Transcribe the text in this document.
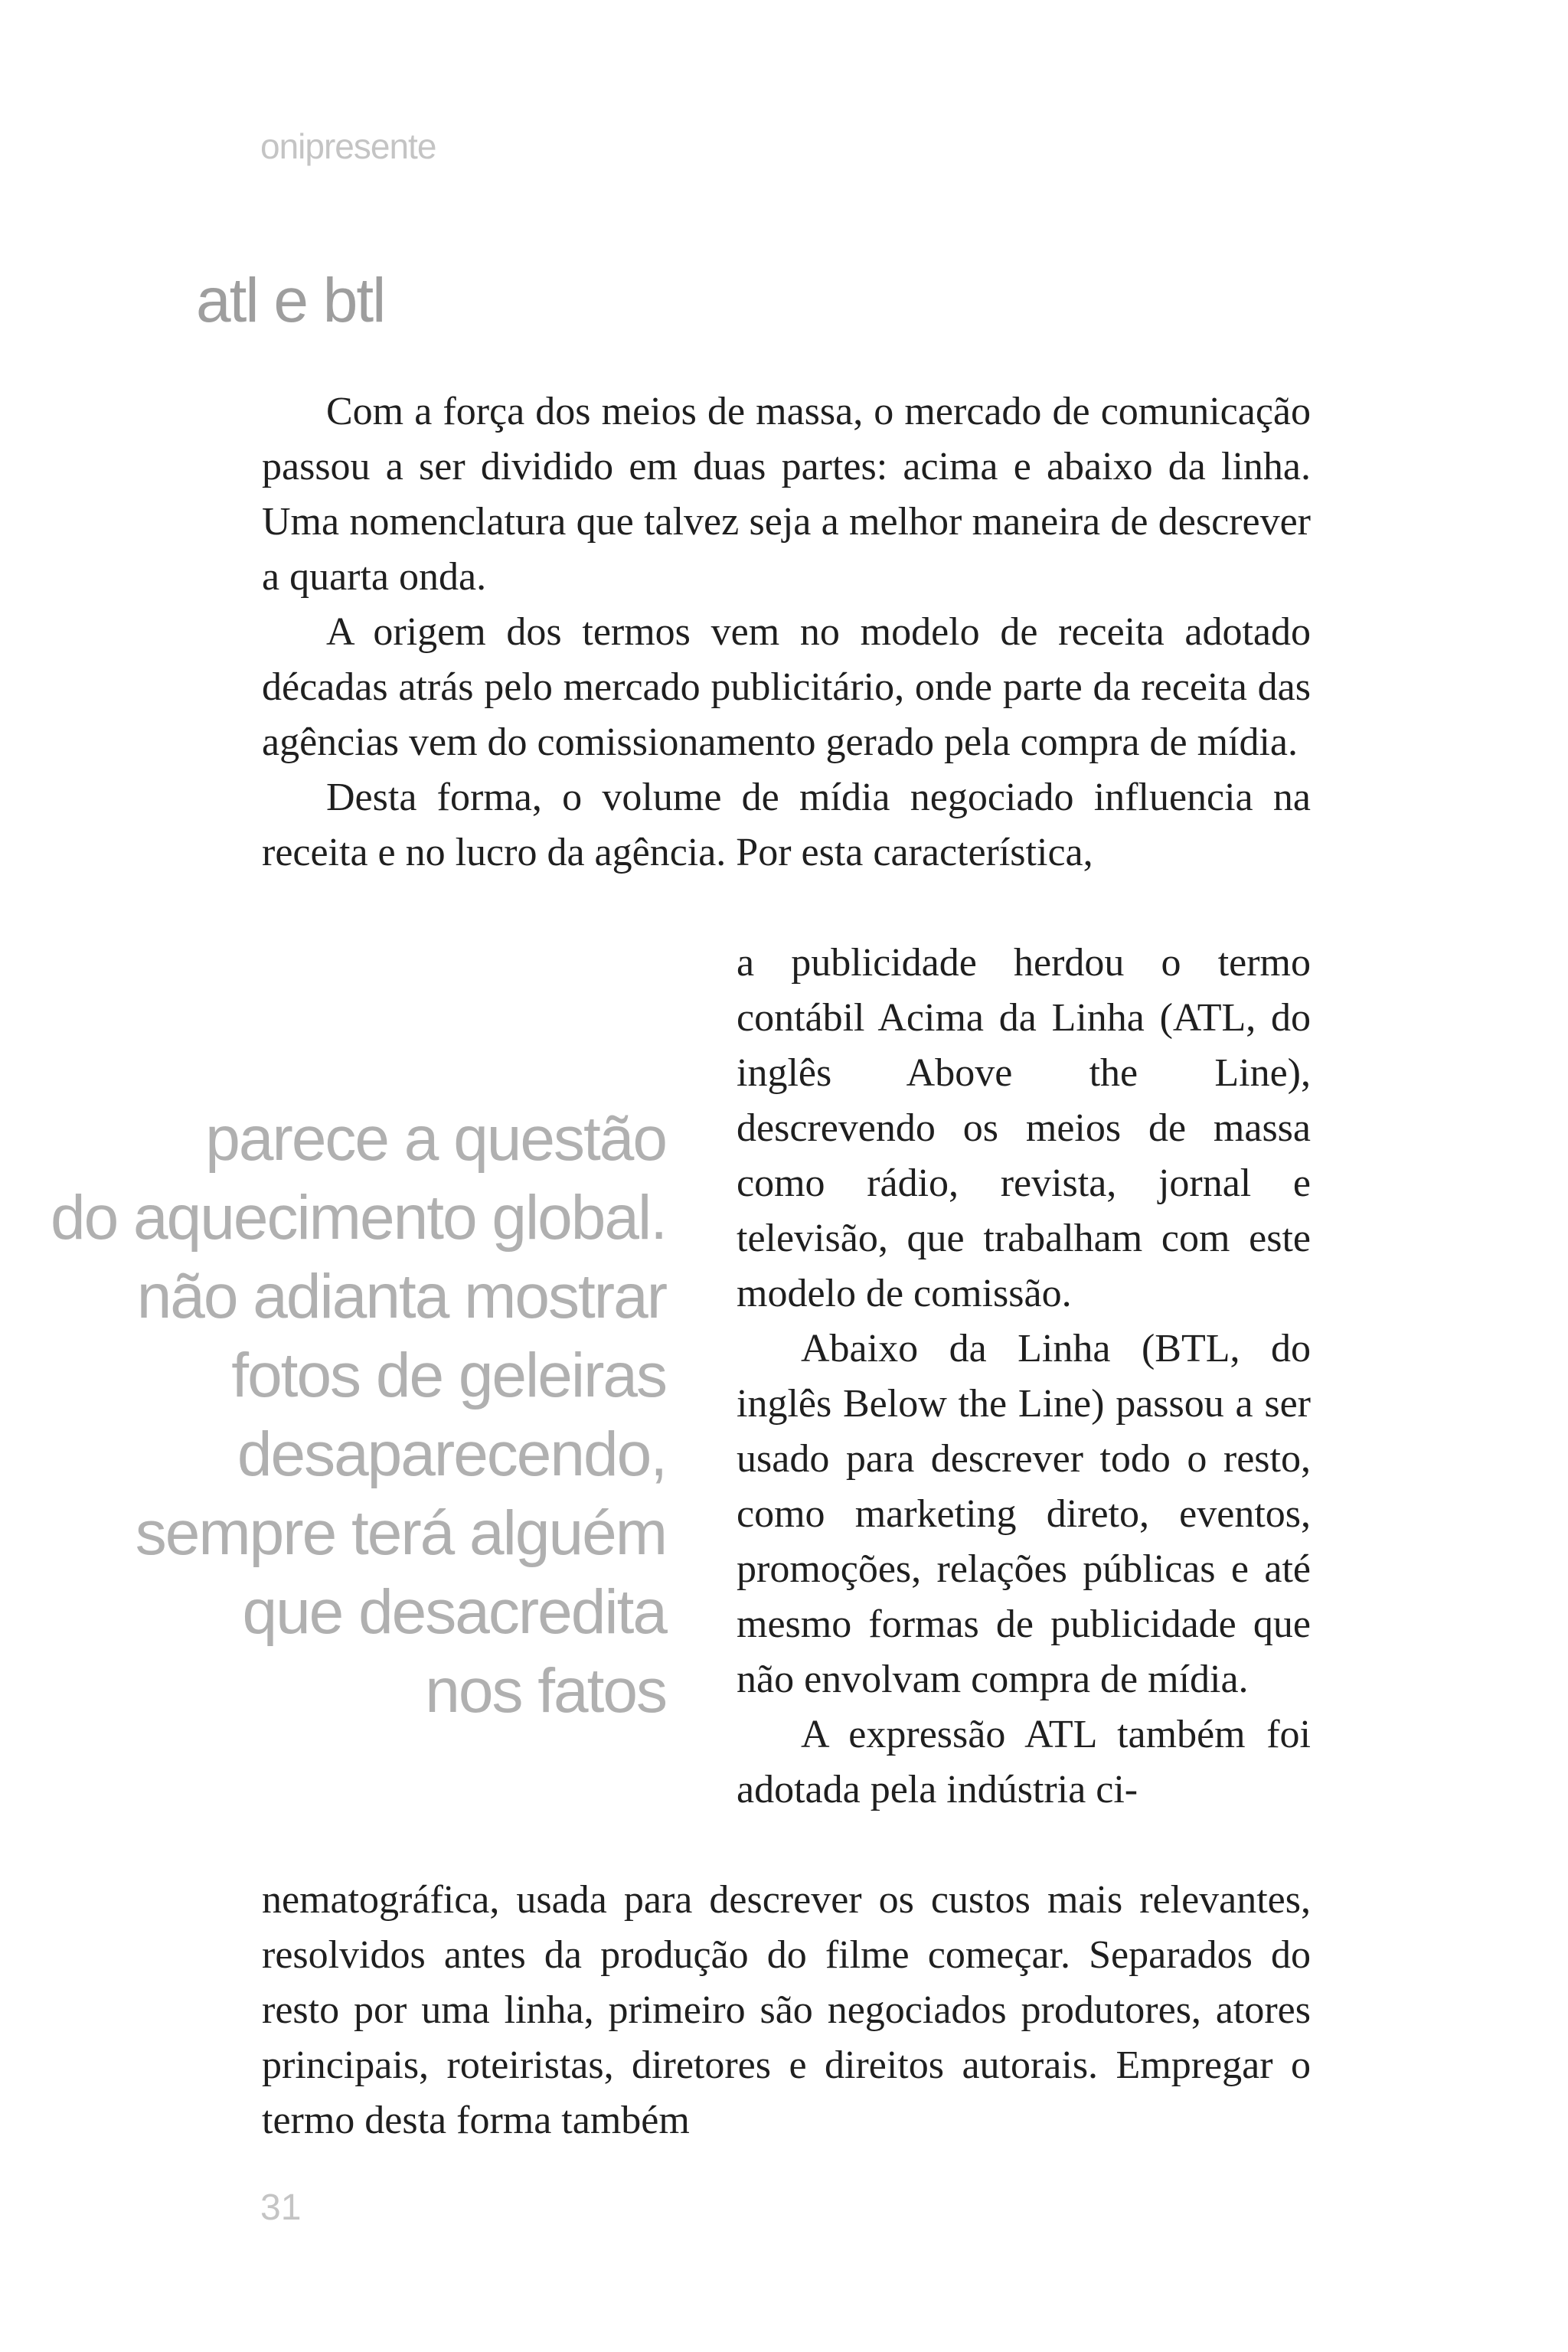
onipresente

atl e btl

Com a força dos meios de massa, o mercado de comunicação passou a ser dividido em duas partes: acima e abaixo da linha. Uma nomenclatura que talvez seja a melhor maneira de descrever a quarta onda.

A origem dos termos vem no modelo de receita adotado décadas atrás pelo mercado publicitário, onde parte da receita das agências vem do comissionamento gerado pela compra de mídia.

Desta forma, o volume de mídia negociado influencia na receita e no lucro da agência. Por esta característica,

a publicidade herdou o termo contábil Acima da Linha (ATL, do inglês Above the Line), descrevendo os meios de massa como rádio, revista, jornal e televisão, que trabalham com este modelo de comissão.

Abaixo da Linha (BTL, do inglês Below the Line) passou a ser usado para descrever todo o resto, como marketing direto, eventos, promoções, relações públicas e até mesmo formas de publicidade que não envolvam compra de mídia.

A expressão ATL também foi adotada pela indústria ci-

parece a questão
do aquecimento global.
não adianta mostrar
fotos de geleiras
desaparecendo,
sempre terá alguém
que desacredita
nos fatos

nematográfica, usada para descrever os custos mais relevantes, resolvidos antes da produção do filme começar. Separados do resto por uma linha, primeiro são negociados produtores, atores principais, roteiristas, diretores e direitos autorais. Empregar o termo desta forma também

31
